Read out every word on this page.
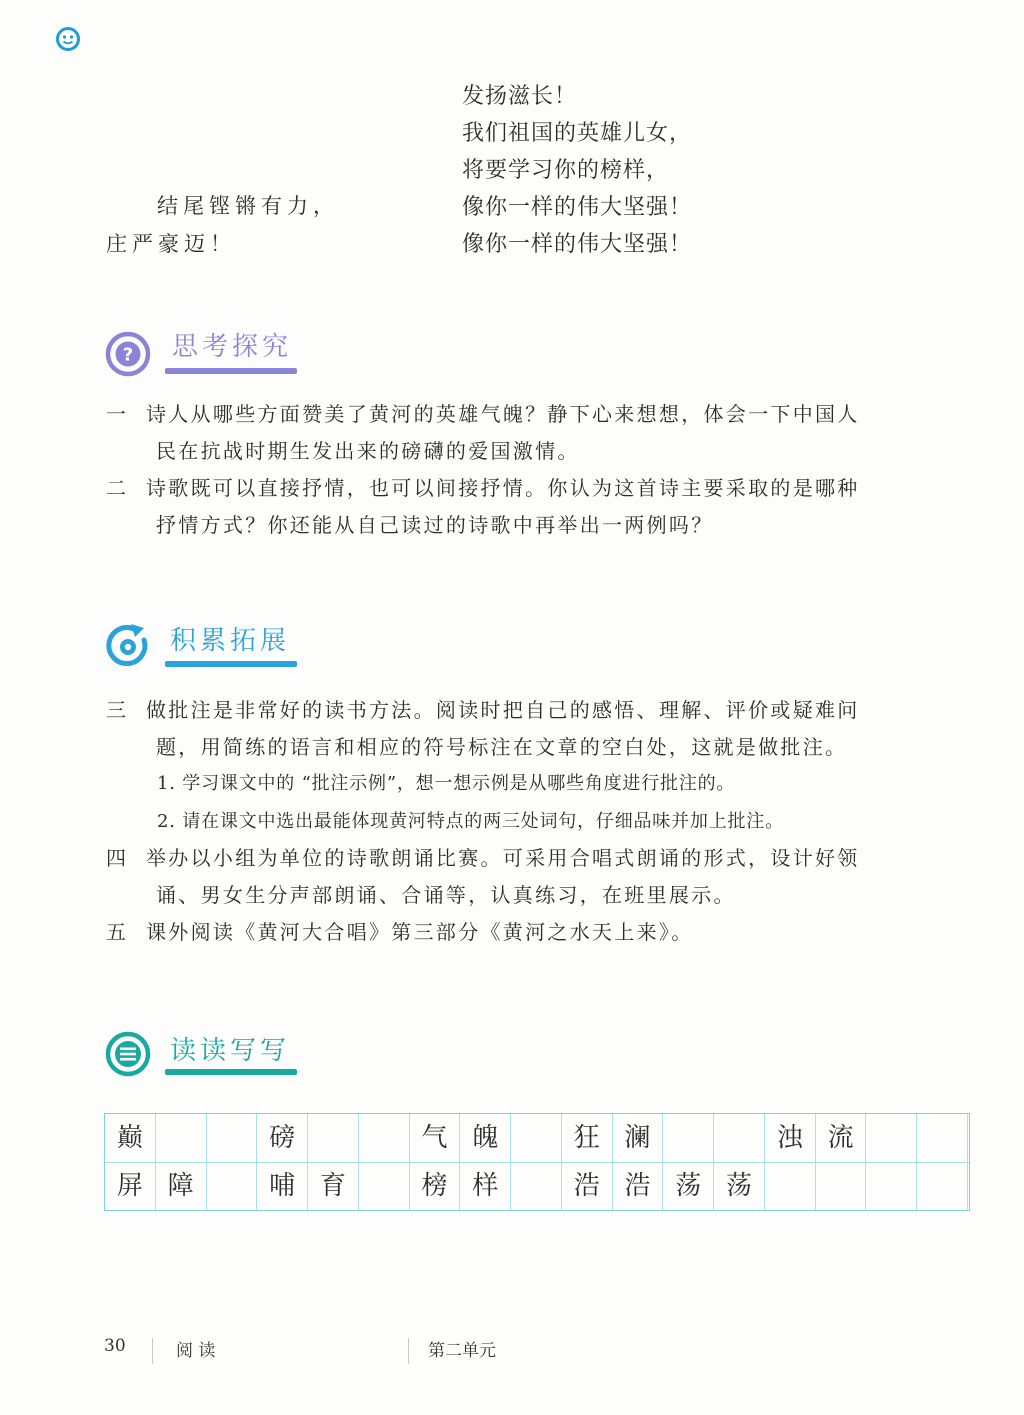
发扬滋长！
我们祖国的英雄儿女，
将要学习你的榜样，
像你一样的伟大坚强！
像你一样的伟大坚强！
结尾铿锵有力，
庄严豪迈！
? 思考探究
一 诗人从哪些方面赞美了黄河的英雄气魄？静下心来想想，体会一下中国人
民在抗战时期生发出来的磅礴的爱国激情。
二 诗歌既可以直接抒情，也可以间接抒情。你认为这首诗主要采取的是哪种
抒情方式？你还能从自己读过的诗歌中再举出一两例吗？
积累拓展
三 做批注是非常好的读书方法。阅读时把自己的感悟、理解、评价或疑难问
题，用简练的语言和相应的符号标注在文章的空白处，这就是做批注。
1. 学习课文中的 “批注示例”，想一想示例是从哪些角度进行批注的。
2. 请在课文中选出最能体现黄河特点的两三处词句，仔细品味并加上批注。
四 举办以小组为单位的诗歌朗诵比赛。可采用合唱式朗诵的形式，设计好领
诵、男女生分声部朗诵、合诵等，认真练习，在班里展示。
五 课外阅读《黄河大合唱》第三部分《黄河之水天上来》。
读读写写
巅	磅	气 魄	狂 澜	浊 流
屏 障	哺 育	榜 样	浩 浩 荡 荡
30	阅 读	第二单元
